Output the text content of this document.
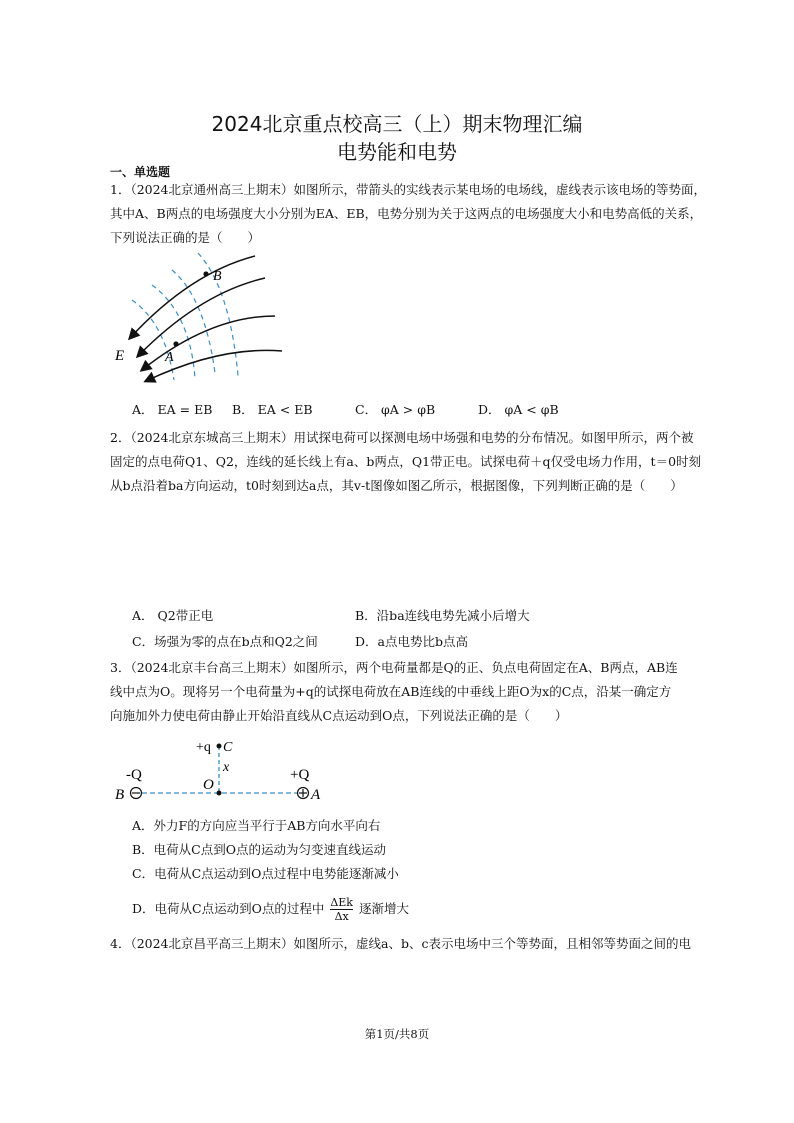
2024北京重点校高三（上）期末物理汇编
电势能和电势
一、单选题
1．（2024北京通州高三上期末）如图所示，带箭头的实线表示某电场的电场线，虚线表示该电场的等势面，
其中A、B两点的电场强度大小分别为EA、EB，电势分别为关于这两点的电场强度大小和电势高低的关系，
下列说法正确的是（　　）
B
A
E
A． EA = EB B． EA < EB	C． φA > φB	D． φA < φB
2．（2024北京东城高三上期末）用试探电荷可以探测电场中场强和电势的分布情况。如图甲所示，两个被
固定的点电荷Q1、Q2，连线的延长线上有a、b两点，Q1带正电。试探电荷＋q仅受电场力作用，t＝0时刻
从b点沿着ba方向运动，t0时刻到达a点，其v-t图像如图乙所示，根据图像，下列判断正确的是（　　）
A． Q2带正电	B．沿ba连线电势先减小后增大
C．场强为零的点在b点和Q2之间	D．a点电势比b点高
3．（2024北京丰台高三上期末）如图所示，两个电荷量都是Q的正、负点电荷固定在A、B两点，AB连
线中点为O。现将另一个电荷量为+q的试探电荷放在AB连线的中垂线上距O为x的C点，沿某一确定方
向施加外力使电荷由静止开始沿直线从C点运动到O点，下列说法正确的是（　　）
+q C
x
-Q	+Q
O
B	A
A．外力F的方向应当平行于AB方向水平向右
B．电荷从C点到O点的运动为匀变速直线运动
C．电荷从C点运动到O点过程中电势能逐渐减小
D．电荷从C点运动到O点的过程中 ΔEk
Δx
逐渐增大
4．（2024北京昌平高三上期末）如图所示，虚线a、b、c表示电场中三个等势面，且相邻等势面之间的电
第1页/共8页
